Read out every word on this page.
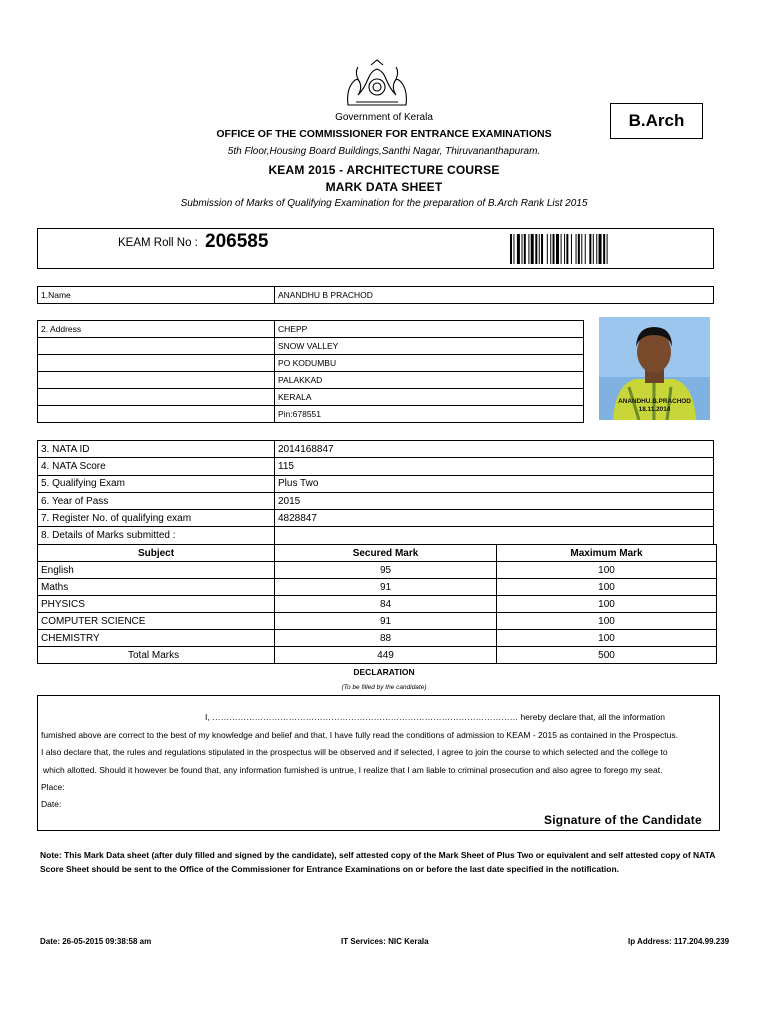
Government of Kerala
OFFICE OF THE COMMISSIONER FOR ENTRANCE EXAMINATIONS
5th Floor,Housing Board Buildings,Santhi Nagar, Thiruvananthapuram.
KEAM 2015 - ARCHITECTURE COURSE
MARK DATA SHEET
Submission of Marks of Qualifying Examination for the preparation of B.Arch Rank List 2015
B.Arch
KEAM Roll No : 206585
1.Name	ANANDHU B PRACHOD
2. Address	CHEPP
	SNOW VALLEY
	PO KODUMBU
	PALAKKAD
	KERALA
	Pin:678551
ANANDHU.B.PRACHOD
18.11.2014
3. NATA ID	2014168847
4. NATA Score	115
5. Qualifying Exam	Plus Two
6. Year of Pass	2015
7. Register No. of qualifying exam	4828847
8. Details of Marks submitted :	
Subject	Secured Mark	Maximum Mark
English	95	100
Maths	91	100
PHYSICS	84	100
COMPUTER SCIENCE	91	100
CHEMISTRY	88	100
Total Marks	449	500
DECLARATION
(To be filled by the candidate)
I, ……………………………………………………………………………………………… hereby declare that, all the information
furnished above are correct to the best of my knowledge and belief and that, I have fully read the conditions of admission to KEAM - 2015 as contained in the Prospectus.
I also declare that, the rules and regulations stipulated in the prospectus will be observed and if selected, I agree to join the course to which selected and the college to
which allotted. Should it however be found that, any information furnished is untrue, I realize that I am liable to criminal prosecution and also agree to forego my seat.
Place:
Date:
Signature of the Candidate
Note: This Mark Data sheet (after duly filled and signed by the candidate), self attested copy of the Mark Sheet of Plus Two or equivalent and self attested copy of NATA Score Sheet should be sent to the Office of the Commissioner for Entrance Examinations on or before the last date specified in the notification.
Date: 26-05-2015 09:38:58 am	IT Services: NIC Kerala	Ip Address: 117.204.99.239
